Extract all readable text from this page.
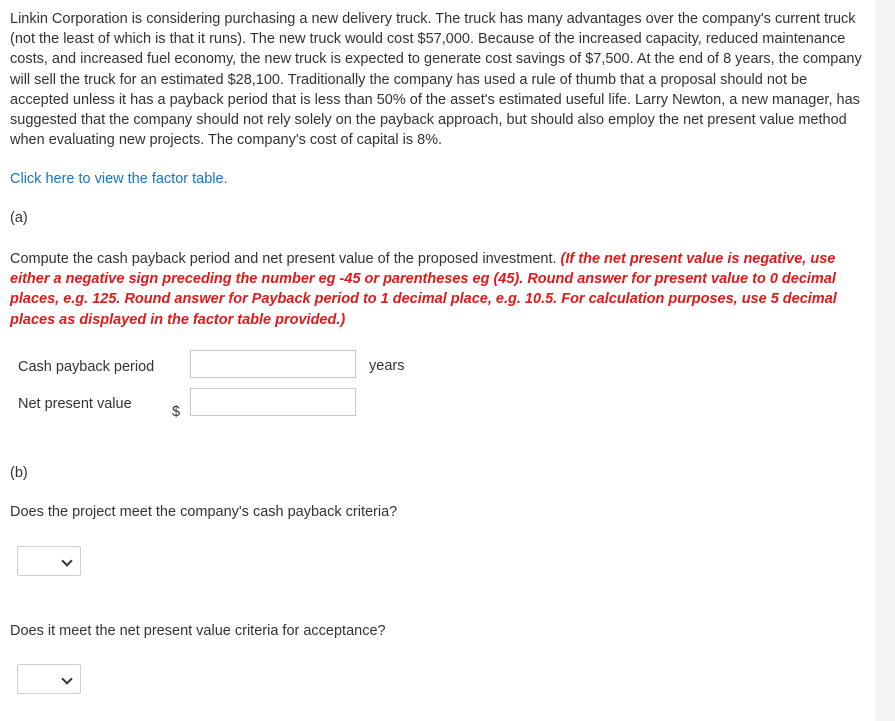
Linkin Corporation is considering purchasing a new delivery truck. The truck has many advantages over the company's current truck (not the least of which is that it runs). The new truck would cost $57,000. Because of the increased capacity, reduced maintenance costs, and increased fuel economy, the new truck is expected to generate cost savings of $7,500. At the end of 8 years, the company will sell the truck for an estimated $28,100. Traditionally the company has used a rule of thumb that a proposal should not be accepted unless it has a payback period that is less than 50% of the asset's estimated useful life. Larry Newton, a new manager, has suggested that the company should not rely solely on the payback approach, but should also employ the net present value method when evaluating new projects. The company's cost of capital is 8%.

Click here to view the factor table.
(a)

Compute the cash payback period and net present value of the proposed investment. (If the net present value is negative, use either a negative sign preceding the number eg -45 or parentheses eg (45). Round answer for present value to 0 decimal places, e.g. 125. Round answer for Payback period to 1 decimal place, e.g. 10.5. For calculation purposes, use 5 decimal places as displayed in the factor table provided.)

Cash payback period	years
Net present value	$
(b)
Does the project meet the company's cash payback criteria?
Does it meet the net present value criteria for acceptance?
